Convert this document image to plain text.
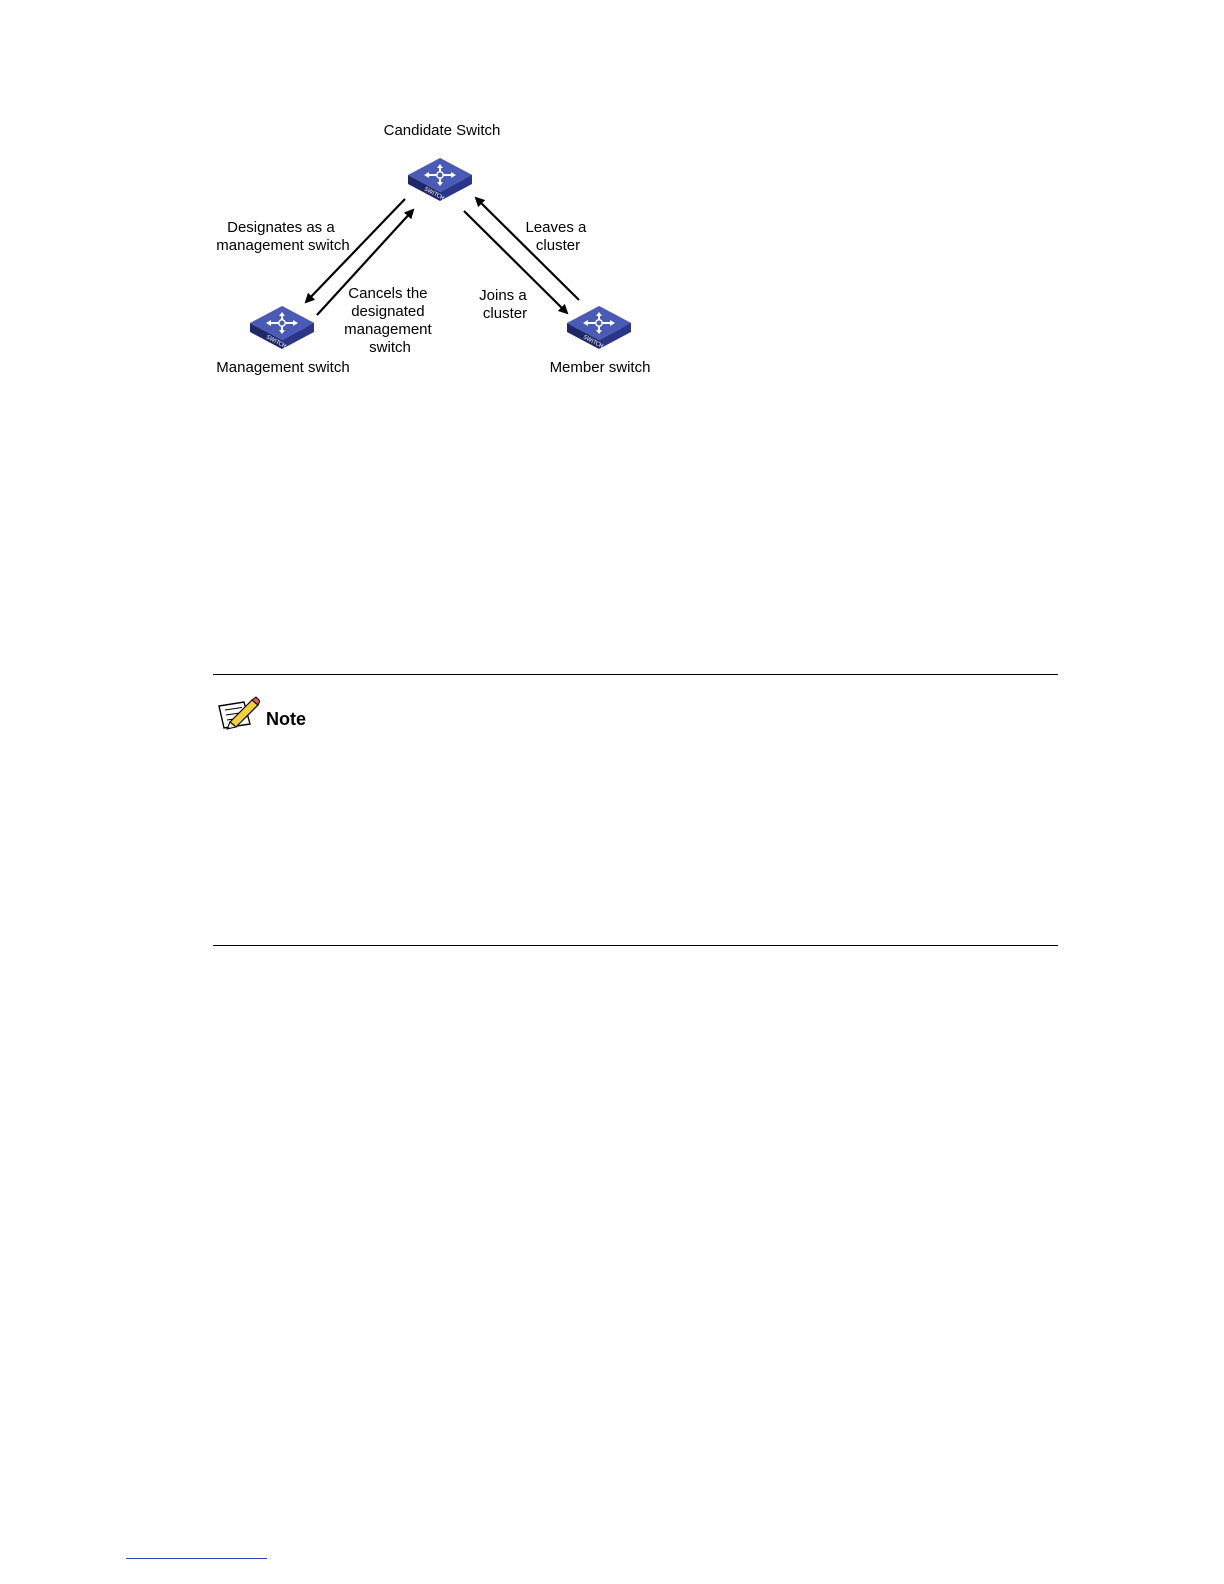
Candidate Switch
SWITCH
SWITCH
Management switch
SWITCH
Member switch
Designates as a management switch
Cancels the designated management switch
Joins a cluster
Leaves a cluster
Note
